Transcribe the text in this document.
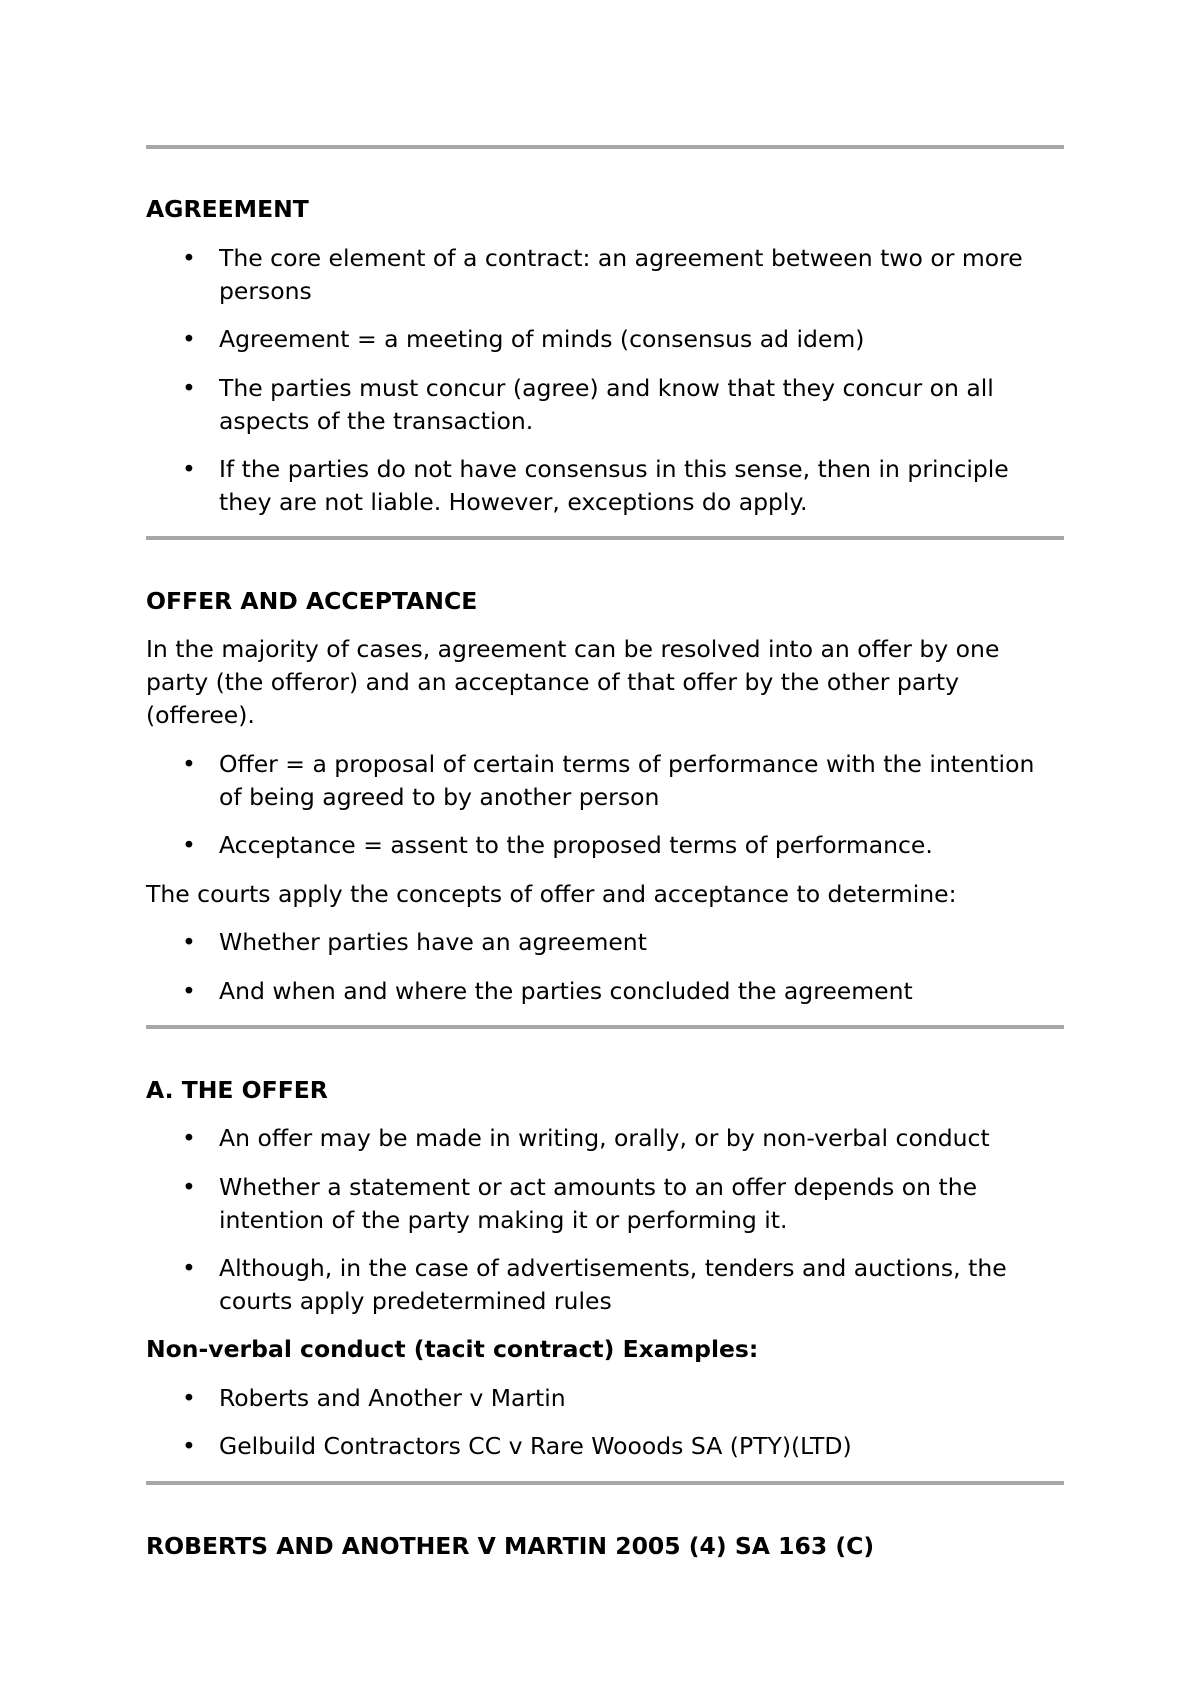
AGREEMENT

• The core element of a contract: an agreement between two or more persons
• Agreement = a meeting of minds (consensus ad idem)
• The parties must concur (agree) and know that they concur on all aspects of the transaction.
• If the parties do not have consensus in this sense, then in principle they are not liable. However, exceptions do apply.

OFFER AND ACCEPTANCE

In the majority of cases, agreement can be resolved into an offer by one party (the offeror) and an acceptance of that offer by the other party (offeree).

• Offer = a proposal of certain terms of performance with the intention of being agreed to by another person
• Acceptance = assent to the proposed terms of performance.

The courts apply the concepts of offer and acceptance to determine:

• Whether parties have an agreement
• And when and where the parties concluded the agreement

A. THE OFFER

• An offer may be made in writing, orally, or by non-verbal conduct
• Whether a statement or act amounts to an offer depends on the intention of the party making it or performing it.
• Although, in the case of advertisements, tenders and auctions, the courts apply predetermined rules

Non-verbal conduct (tacit contract) Examples:

• Roberts and Another v Martin
• Gelbuild Contractors CC v Rare Wooods SA (PTY)(LTD)

ROBERTS AND ANOTHER V MARTIN 2005 (4) SA 163 (C)
